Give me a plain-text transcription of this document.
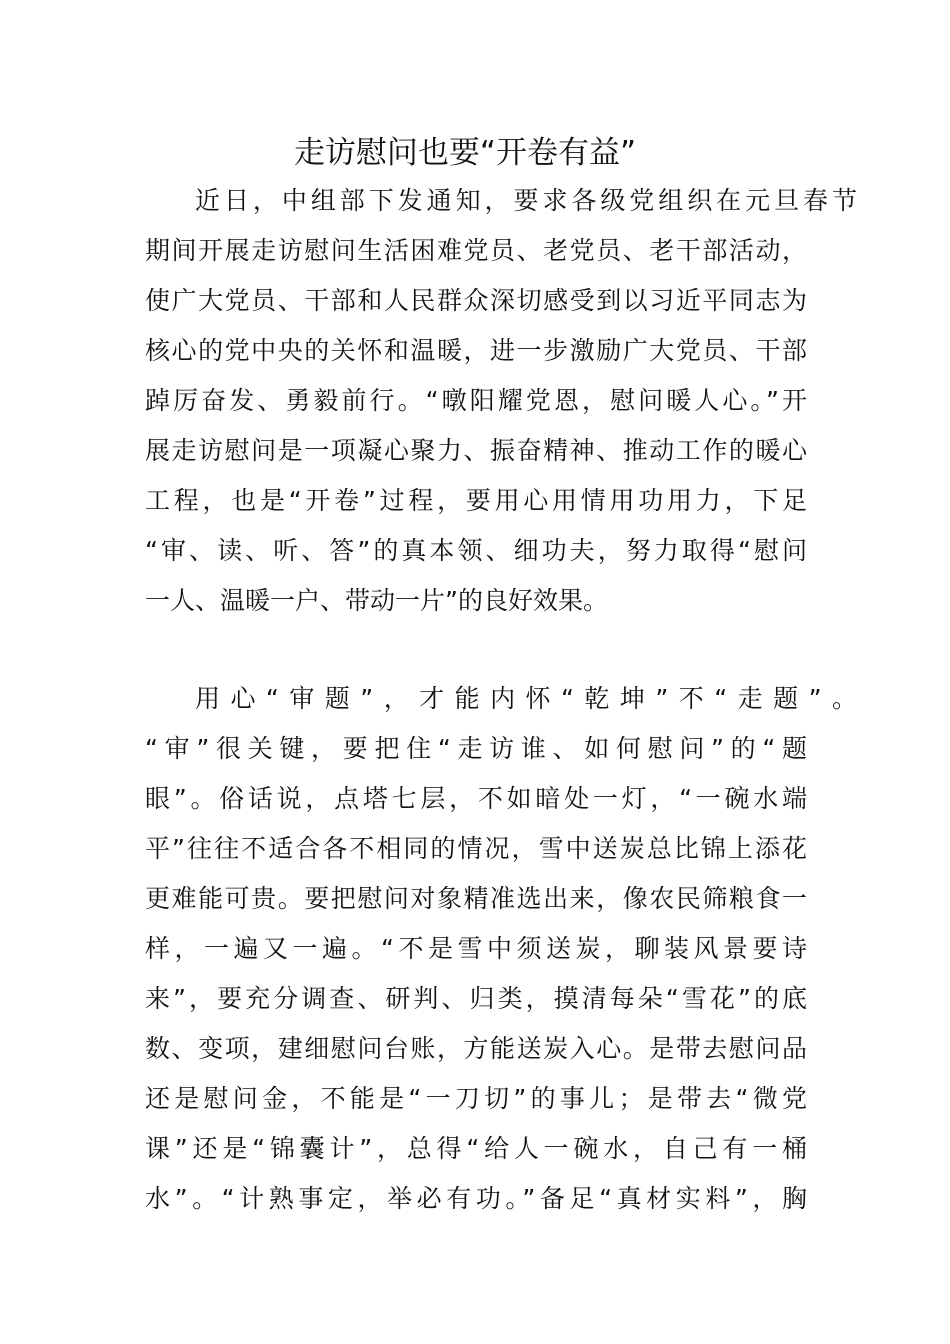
走访慰问也要“开卷有益”
近日，中组部下发通知，要求各级党组织在元旦春节
期间开展走访慰问生活困难党员、老党员、老干部活动，
使广大党员、干部和人民群众深切感受到以习近平同志为
核心的党中央的关怀和温暖，进一步激励广大党员、干部
踔厉奋发、勇毅前行。“暾阳耀党恩，慰问暖人心。”开
展走访慰问是一项凝心聚力、振奋精神、推动工作的暖心
工程，也是“开卷”过程，要用心用情用功用力，下足
“审、读、听、答”的真本领、细功夫，努力取得“慰问
一人、温暖一户、带动一片”的良好效果。
用心“审题”，才能内怀“乾坤”不“走题”。
“审”很关键，要把住“走访谁、如何慰问”的“题
眼”。俗话说，点塔七层，不如暗处一灯，“一碗水端
平”往往不适合各不相同的情况，雪中送炭总比锦上添花
更难能可贵。要把慰问对象精准选出来，像农民筛粮食一
样，一遍又一遍。“不是雪中须送炭，聊装风景要诗
来”，要充分调查、研判、归类，摸清每朵“雪花”的底
数、变项，建细慰问台账，方能送炭入心。是带去慰问品
还是慰问金，不能是“一刀切”的事儿；是带去“微党
课”还是“锦囊计”，总得“给人一碗水，自己有一桶
水”。“计熟事定，举必有功。”备足“真材实料”，胸
